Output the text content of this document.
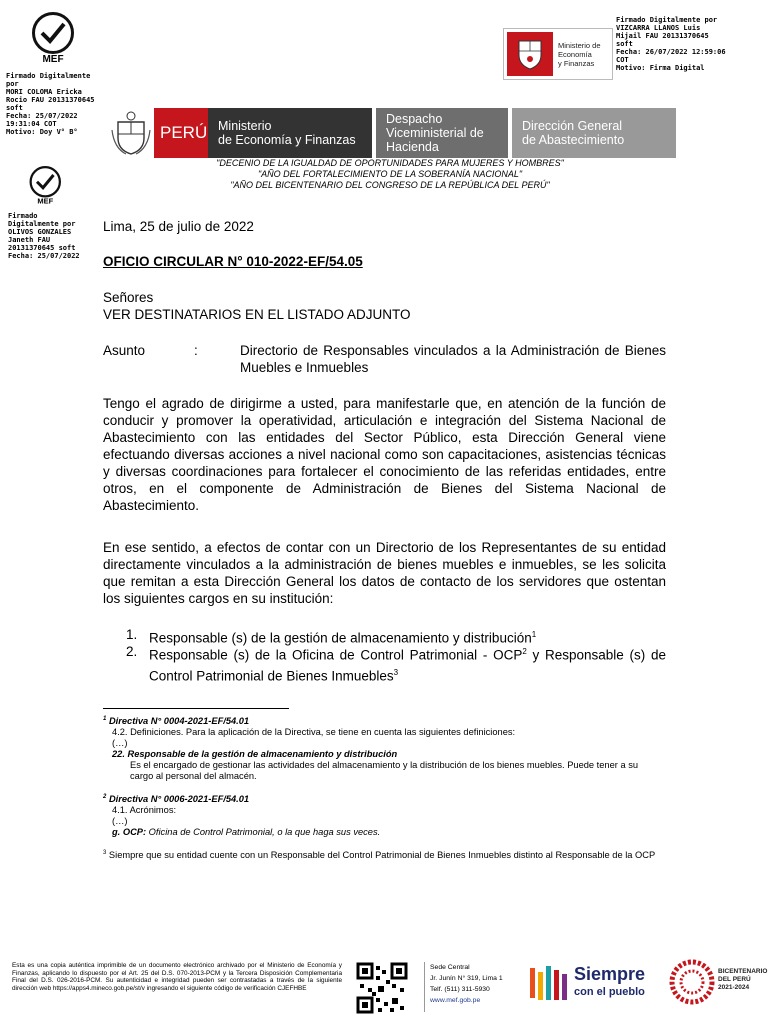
MEF
Firmado Digitalmente por
MORI COLOMA Ericka
Rocio FAU 20131370645
soft
Fecha: 25/07/2022
19:31:04 COT
Motivo: Doy V° B°
MEF
Firmado
Digitalmente por
OLIVOS GONZALES
Janeth FAU
20131370645 soft
Fecha: 25/07/2022
Ministerio de
Economía
y Finanzas
Firmado Digitalmente por
VIZCARRA LLANOS Luis
Mijail FAU 20131370645
soft
Fecha: 26/07/2022 12:59:06
COT
Motivo: Firma Digital
PERÚ Ministerio
de Economía y Finanzas
Despacho
Viceministerial de
Hacienda
Dirección General
de Abastecimiento
"DECENIO DE LA IGUALDAD DE OPORTUNIDADES PARA MUJERES Y HOMBRES"
"AÑO DEL FORTALECIMIENTO DE LA SOBERANÍA NACIONAL"
"AÑO DEL BICENTENARIO DEL CONGRESO DE LA REPÚBLICA DEL PERÚ"
Lima, 25 de julio de 2022
OFICIO CIRCULAR N° 010-2022-EF/54.05
Señores
VER DESTINATARIOS EN EL LISTADO ADJUNTO
Asunto	:	Directorio de Responsables vinculados a la Administración de Bienes Muebles e Inmuebles
Tengo el agrado de dirigirme a usted, para manifestarle que, en atención de la función de conducir y promover la operatividad, articulación e integración del Sistema Nacional de Abastecimiento con las entidades del Sector Público, esta Dirección General viene efectuando diversas acciones a nivel nacional como son capacitaciones, asistencias técnicas y diversas coordinaciones para fortalecer el conocimiento de las referidas entidades, entre otros, en el componente de Administración de Bienes del Sistema Nacional de Abastecimiento.
En ese sentido, a efectos de contar con un Directorio de los Representantes de su entidad directamente vinculados a la administración de bienes muebles e inmuebles, se les solicita que remitan a esta Dirección General los datos de contacto de los servidores que ostentan los siguientes cargos en su institución:
1. Responsable (s) de la gestión de almacenamiento y distribución$^1$
2. Responsable (s) de la Oficina de Control Patrimonial - OCP$^2$ y Responsable (s) de Control Patrimonial de Bienes Inmuebles$^3$
$^1$ Directiva N° 0004-2021-EF/54.01
4.2. Definiciones. Para la aplicación de la Directiva, se tiene en cuenta las siguientes definiciones:
(…)
22. Responsable de la gestión de almacenamiento y distribución
Es el encargado de gestionar las actividades del almacenamiento y la distribución de los bienes muebles. Puede tener a su cargo al personal del almacén.
$^2$ Directiva N° 0006-2021-EF/54.01
4.1. Acrónimos:
(…)
g. OCP: Oficina de Control Patrimonial, o la que haga sus veces.
$^3$ Siempre que su entidad cuente con un Responsable del Control Patrimonial de Bienes Inmuebles distinto al Responsable de la OCP
Esta es una copia auténtica imprimible de un documento electrónico archivado por el Ministerio de Economía y Finanzas, aplicando lo dispuesto por el Art. 25 del D.S. 070-2013-PCM y la Tercera Disposición Complementaria Final del D.S. 026-2016-PCM. Su autenticidad e integridad pueden ser contrastadas a través de la siguiente dirección web https://apps4.mineco.gob.pe/st/v ingresando el siguiente código de verificación CJEFHBE
Sede Central
Jr. Junín N° 319, Lima 1
Telf. (511) 311-5930
www.mef.gob.pe
Siempre
con el pueblo
BICENTENARIO
DEL PERÚ
2021-2024
